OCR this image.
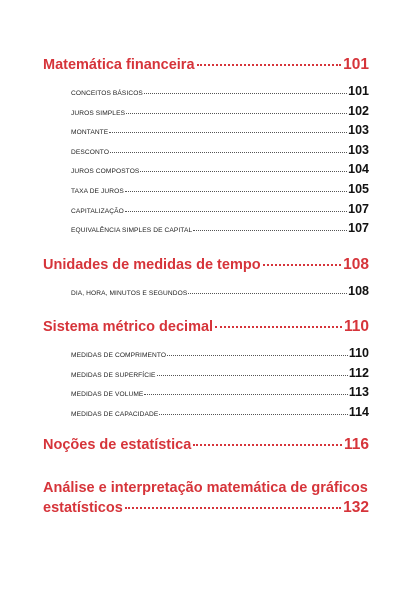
Matemática financeira	101
CONCEITOS BÁSICOS	101
JUROS SIMPLES	102
MONTANTE	103
DESCONTO	103
JUROS COMPOSTOS	104
TAXA DE JUROS	105
CAPITALIZAÇÃO	107
EQUIVALÊNCIA SIMPLES DE CAPITAL	107
Unidades de medidas de tempo	108
DIA, HORA, MINUTOS E SEGUNDOS	108
Sistema métrico decimal	110
MEDIDAS DE COMPRIMENTO	110
MEDIDAS DE SUPERFÍCIE	112
MEDIDAS DE VOLUME	113
MEDIDAS DE CAPACIDADE	114
Noções de estatística	116
Análise e interpretação matemática de gráficos
estatísticos	132
